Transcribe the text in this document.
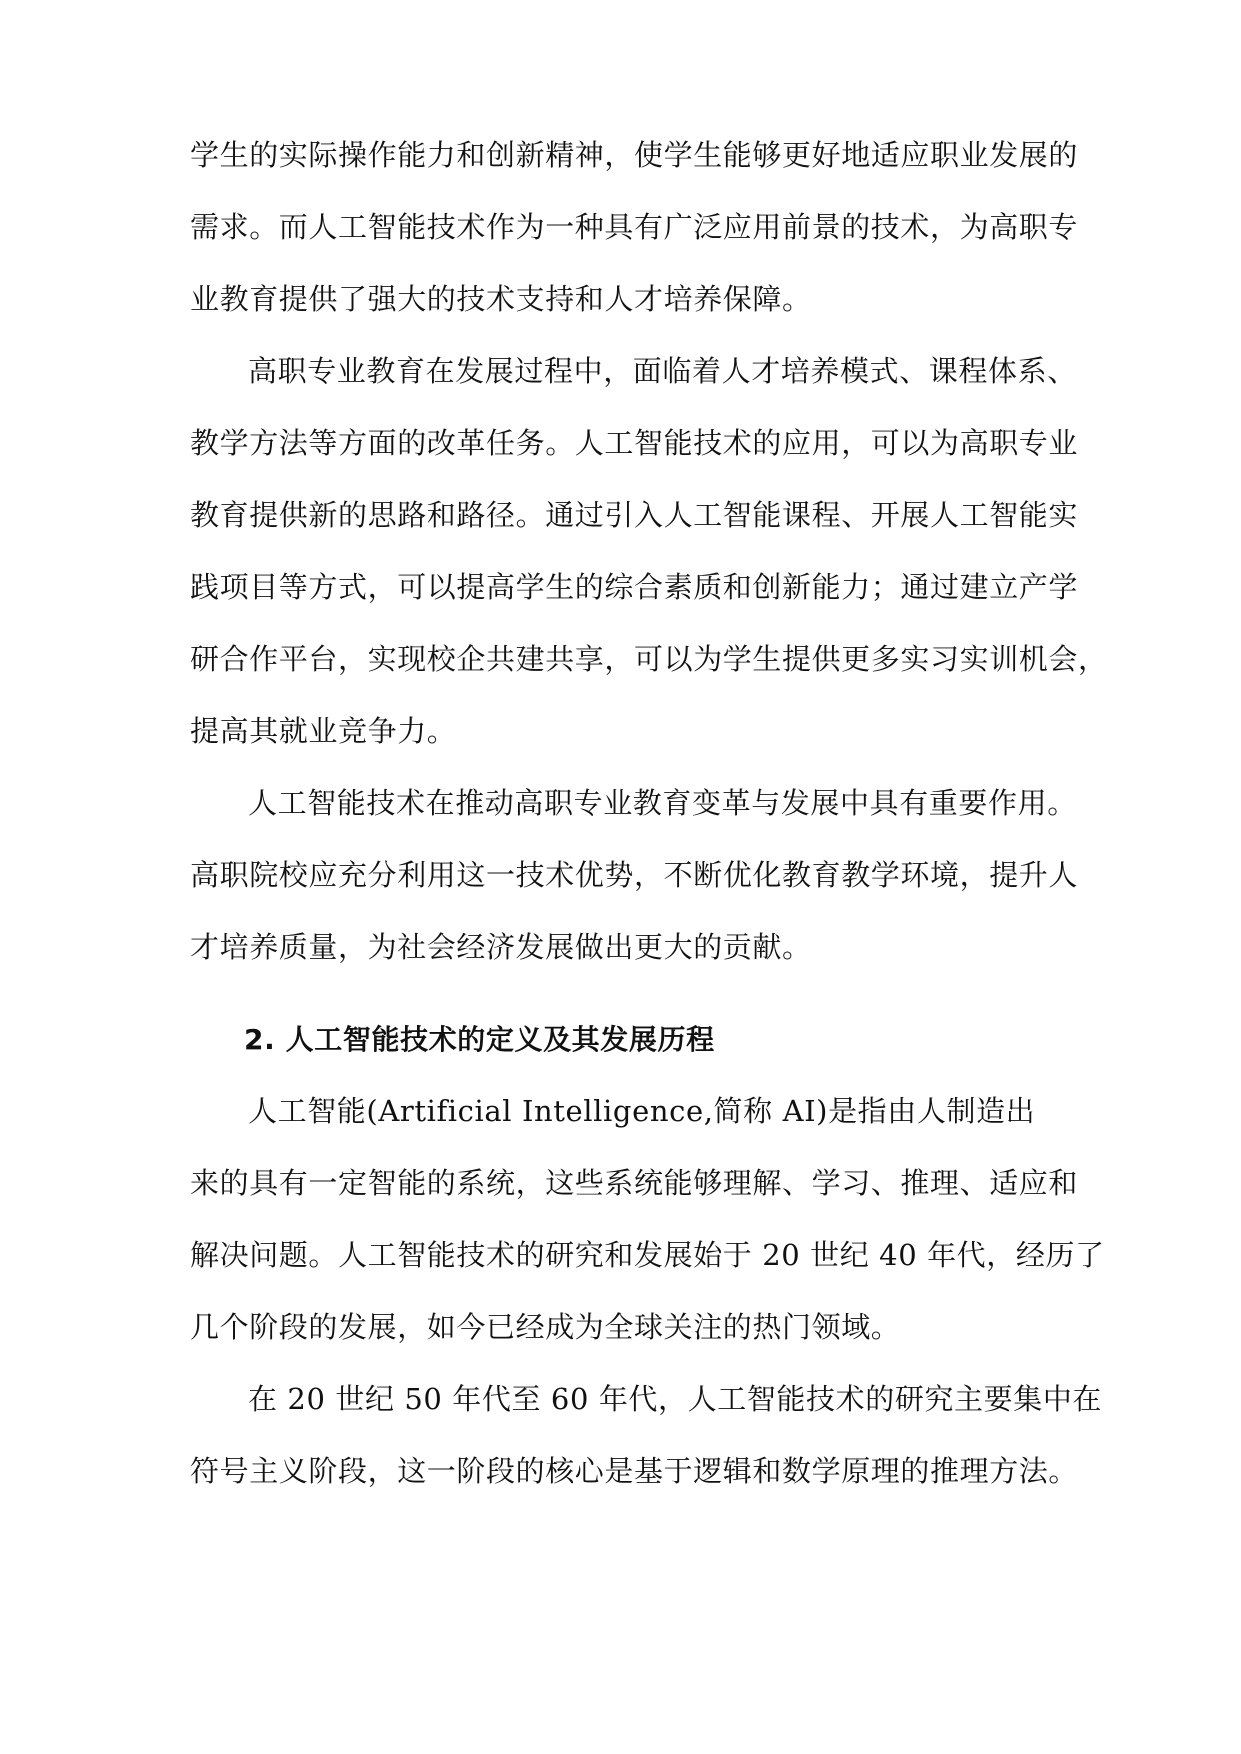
学生的实际操作能力和创新精神，使学生能够更好地适应职业发展的
需求。而人工智能技术作为一种具有广泛应用前景的技术，为高职专
业教育提供了强大的技术支持和人才培养保障。
高职专业教育在发展过程中，面临着人才培养模式、课程体系、
教学方法等方面的改革任务。人工智能技术的应用，可以为高职专业
教育提供新的思路和路径。通过引入人工智能课程、开展人工智能实
践项目等方式，可以提高学生的综合素质和创新能力；通过建立产学
研合作平台，实现校企共建共享，可以为学生提供更多实习实训机会，
提高其就业竞争力。
人工智能技术在推动高职专业教育变革与发展中具有重要作用。
高职院校应充分利用这一技术优势，不断优化教育教学环境，提升人
才培养质量，为社会经济发展做出更大的贡献。
2. 人工智能技术的定义及其发展历程
人工智能(Artificial Intelligence,简称 AI)是指由人制造出
来的具有一定智能的系统，这些系统能够理解、学习、推理、适应和
解决问题。人工智能技术的研究和发展始于 20 世纪 40 年代，经历了
几个阶段的发展，如今已经成为全球关注的热门领域。
在 20 世纪 50 年代至 60 年代，人工智能技术的研究主要集中在
符号主义阶段，这一阶段的核心是基于逻辑和数学原理的推理方法。
